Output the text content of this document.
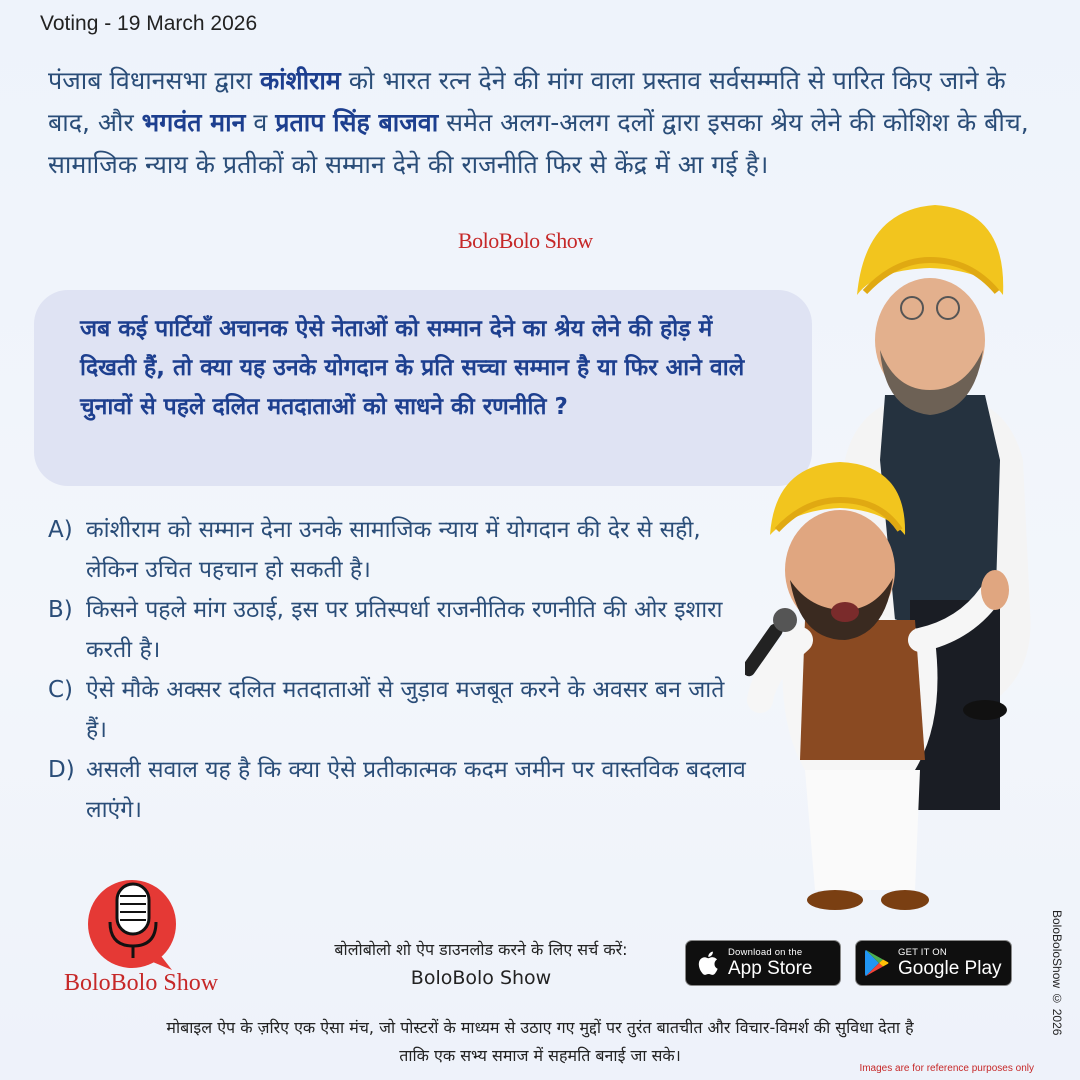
Voting - 19 March 2026
पंजाब विधानसभा द्वारा कांशीराम को भारत रत्न देने की मांग वाला प्रस्ताव सर्वसम्मति से पारित किए जाने के बाद, और भगवंत मान व प्रताप सिंह बाजवा समेत अलग-अलग दलों द्वारा इसका श्रेय लेने की कोशिश के बीच, सामाजिक न्याय के प्रतीकों को सम्मान देने की राजनीति फिर से केंद्र में आ गई है।
BoloBolo Show
जब कई पार्टियाँ अचानक ऐसे नेताओं को सम्मान देने का श्रेय लेने की होड़ में दिखती हैं, तो क्या यह उनके योगदान के प्रति सच्चा सम्मान है या फिर आने वाले चुनावों से पहले दलित मतदाताओं को साधने की रणनीति ?
A) कांशीराम को सम्मान देना उनके सामाजिक न्याय में योगदान की देर से सही, लेकिन उचित पहचान हो सकती है।
B) किसने पहले मांग उठाई, इस पर प्रतिस्पर्धा राजनीतिक रणनीति की ओर इशारा करती है।
C) ऐसे मौके अक्सर दलित मतदाताओं से जुड़ाव मजबूत करने के अवसर बन जाते हैं।
D) असली सवाल यह है कि क्या ऐसे प्रतीकात्मक कदम जमीन पर वास्तविक बदलाव लाएंगे।
BoloBoloShow © 2026
BoloBolo Show
बोलोबोलो शो ऐप डाउनलोड करने के लिए सर्च करें:
BoloBolo Show
Download on the
App Store
GET IT ON
Google Play
मोबाइल ऐप के ज़रिए एक ऐसा मंच, जो पोस्टरों के माध्यम से उठाए गए मुद्दों पर तुरंत बातचीत और विचार-विमर्श की सुविधा देता है
ताकि एक सभ्य समाज में सहमति बनाई जा सके।
Images are for reference purposes only
